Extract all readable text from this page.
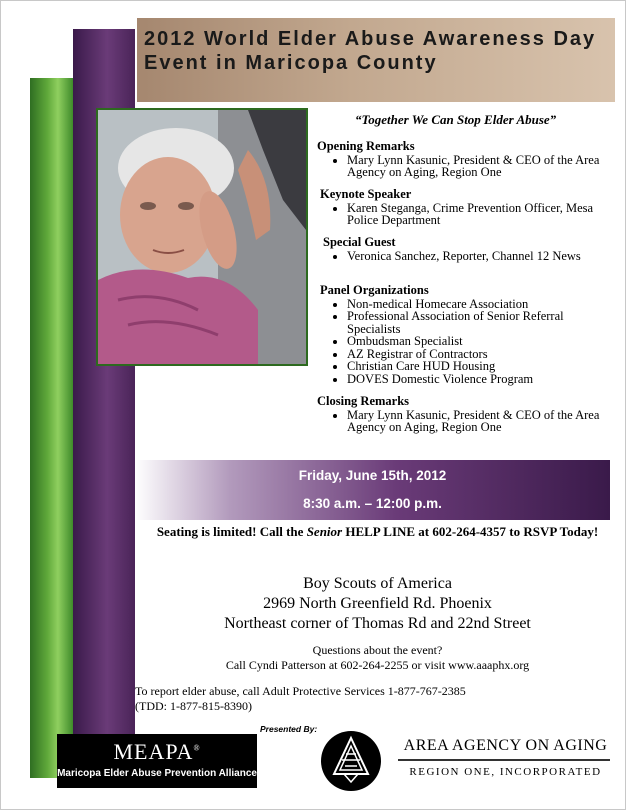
2012 World Elder Abuse Awareness Day Event in Maricopa County
“Together We Can Stop Elder Abuse”
Opening Remarks
• Mary Lynn Kasunic, President & CEO of the Area Agency on Aging, Region One
Keynote Speaker
• Karen Steganga, Crime Prevention Officer, Mesa Police Department
Special Guest
• Veronica Sanchez, Reporter, Channel 12 News
Panel Organizations
• Non-medical Homecare Association
• Professional Association of Senior Referral Specialists
• Ombudsman Specialist
• AZ Registrar of Contractors
• Christian Care HUD Housing
• DOVES Domestic Violence Program
Closing Remarks
• Mary Lynn Kasunic, President & CEO of the Area Agency on Aging, Region One
Friday, June 15th, 2012
8:30 a.m. – 12:00 p.m.
Seating is limited! Call the Senior HELP LINE at 602-264-4357 to RSVP Today!
Boy Scouts of America
2969 North Greenfield Rd. Phoenix
Northeast corner of Thomas Rd and 22nd Street
Questions about the event?
Call Cyndi Patterson at 602-264-2255 or visit www.aaaphx.org
To report elder abuse, call Adult Protective Services 1-877-767-2385
(TDD: 1-877-815-8390)
Presented By:
MEAPA®
Maricopa Elder Abuse Prevention Alliance
AREA AGENCY ON AGING
REGION ONE, INCORPORATED
